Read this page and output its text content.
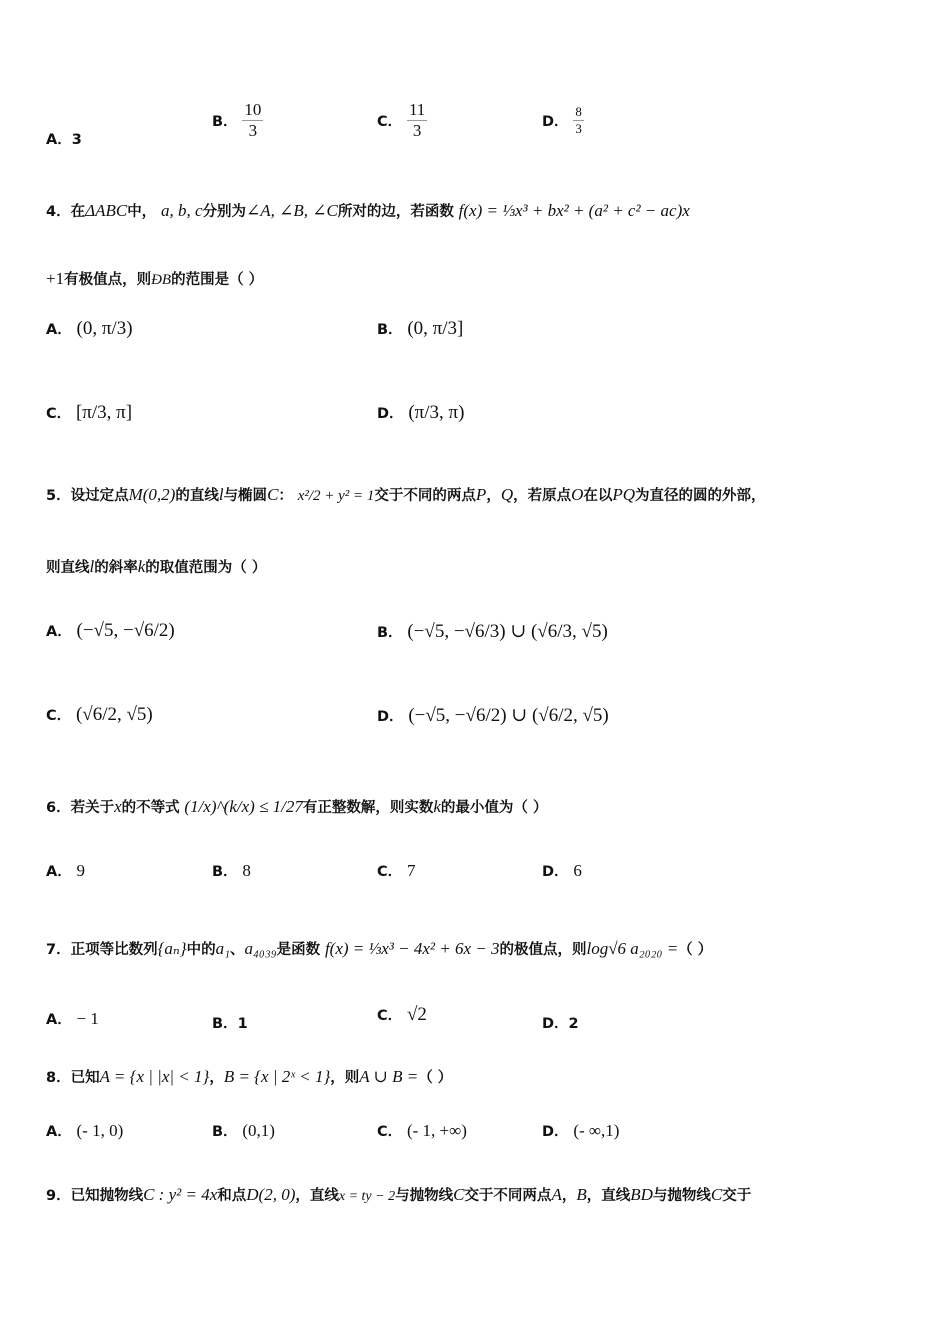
A．3
B． $\frac{10}{3}$	C． $\frac{11}{3}$	D． $\frac{8}{3}$
4．在ΔABC中， a, b, c分别为∠A, ∠B, ∠C所对的边，若函数 f(x) = ⅓x³ + bx² + (a² + c² − ac)x
+1有极值点，则ÐB的范围是（ ）
A． (0, π/3)	B． (0, π/3]
C． [π/3, π]	D． (π/3, π)
5．设过定点M(0,2)的直线l与椭圆C： x²/2 + y² = 1交于不同的两点P，Q，若原点O在以PQ为直径的圆的外部，
则直线l的斜率k的取值范围为（ ）
A． (−√5, −√6/2)	B． (−√5, −√6/3) ∪ (√6/3, √5)
C． (√6/2, √5)	D． (−√5, −√6/2) ∪ (√6/2, √5)
6．若关于x的不等式 (1/x)^(k/x) ≤ 1/27有正整数解，则实数k的最小值为（ ）
A． 9	B． 8	C． 7	D． 6
7．正项等比数列{aₙ}中的a₁、a₄₀₃₉是函数 f(x) = ⅓x³ − 4x² + 6x − 3的极值点，则log√6 a₂₀₂₀ =（ ）
A． − 1	B．1	C． √2	D．2
8．已知A = {x | |x| < 1}，B = {x | 2ˣ < 1}，则A ∪ B =（ ）
A． (- 1, 0)	B． (0,1)	C． (- 1, +∞)	D． (- ∞,1)
9．已知抛物线C : y² = 4x和点D(2, 0)，直线x = ty − 2与抛物线C交于不同两点A，B，直线BD与抛物线C交于
